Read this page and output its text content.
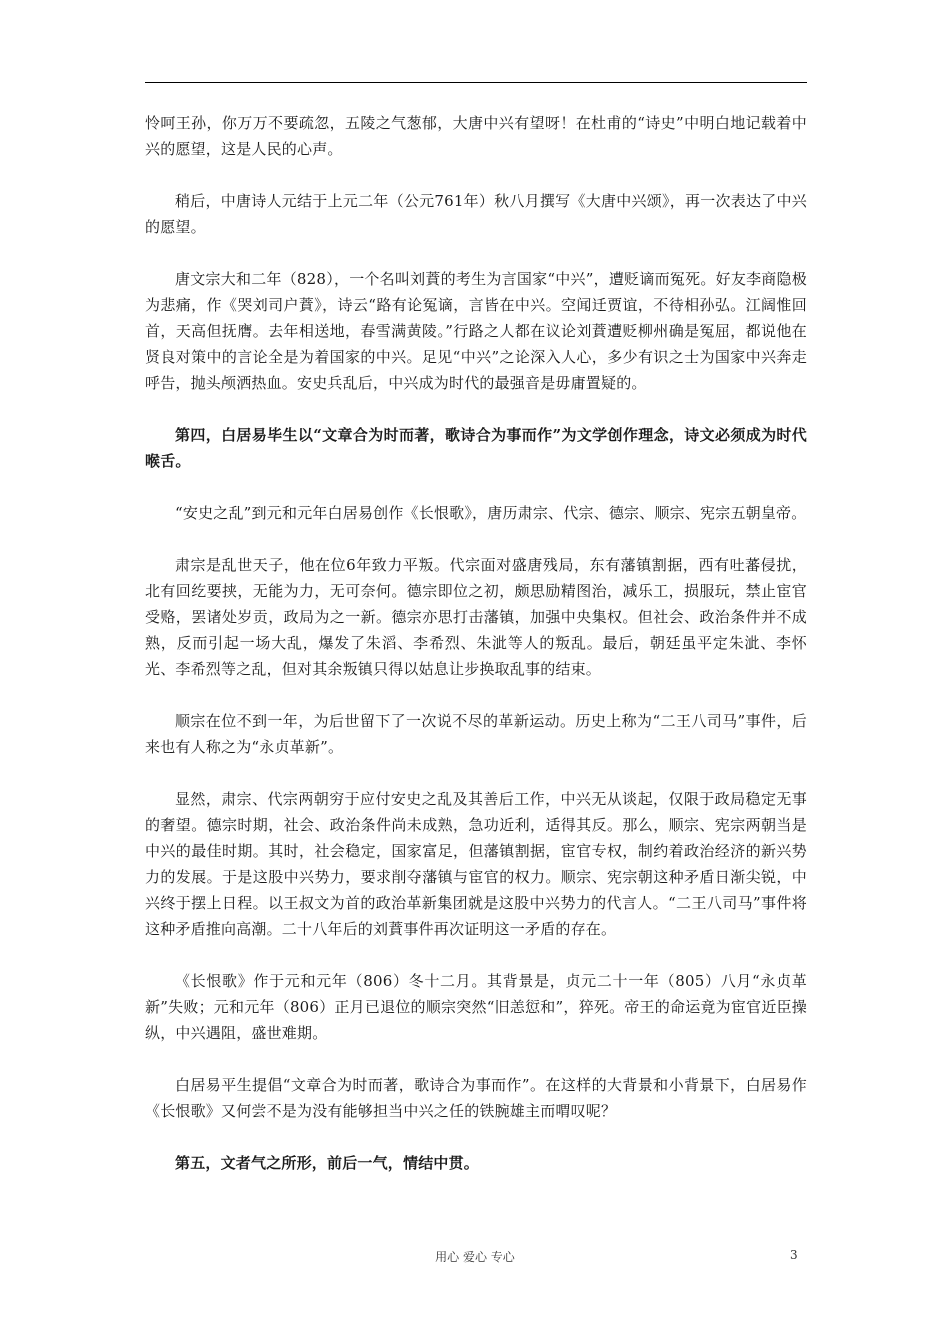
怜呵王孙，你万万不要疏忽，五陵之气葱郁，大唐中兴有望呀！在杜甫的“诗史”中明白地记载着中兴的愿望，这是人民的心声。

稍后，中唐诗人元结于上元二年（公元761年）秋八月撰写《大唐中兴颂》，再一次表达了中兴的愿望。

唐文宗大和二年（828），一个名叫刘蕡的考生为言国家“中兴”，遭贬谪而冤死。好友李商隐极为悲痛，作《哭刘司户蕡》，诗云“路有论冤谪，言皆在中兴。空闻迁贾谊，不待相孙弘。江阔惟回首，天高但抚膺。去年相送地，春雪满黄陵。”行路之人都在议论刘蕡遭贬柳州确是冤屈，都说他在贤良对策中的言论全是为着国家的中兴。足见“中兴”之论深入人心，多少有识之士为国家中兴奔走呼告，抛头颅洒热血。安史兵乱后，中兴成为时代的最强音是毋庸置疑的。

第四，白居易毕生以“文章合为时而著，歌诗合为事而作”为文学创作理念，诗文必须成为时代喉舌。

“安史之乱”到元和元年白居易创作《长恨歌》，唐历肃宗、代宗、德宗、顺宗、宪宗五朝皇帝。

肃宗是乱世天子，他在位6年致力平叛。代宗面对盛唐残局，东有藩镇割据，西有吐蕃侵扰，北有回纥要挟，无能为力，无可奈何。德宗即位之初，颇思励精图治，减乐工，损服玩，禁止宦官受赂，罢诸处岁贡，政局为之一新。德宗亦思打击藩镇，加强中央集权。但社会、政治条件并不成熟，反而引起一场大乱，爆发了朱滔、李希烈、朱泚等人的叛乱。最后，朝廷虽平定朱泚、李怀光、李希烈等之乱，但对其余叛镇只得以姑息让步换取乱事的结束。

顺宗在位不到一年，为后世留下了一次说不尽的革新运动。历史上称为“二王八司马”事件，后来也有人称之为“永贞革新”。

显然，肃宗、代宗两朝穷于应付安史之乱及其善后工作，中兴无从谈起，仅限于政局稳定无事的奢望。德宗时期，社会、政治条件尚未成熟，急功近利，适得其反。那么，顺宗、宪宗两朝当是中兴的最佳时期。其时，社会稳定，国家富足，但藩镇割据，宦官专权，制约着政治经济的新兴势力的发展。于是这股中兴势力，要求削夺藩镇与宦官的权力。顺宗、宪宗朝这种矛盾日渐尖锐，中兴终于摆上日程。以王叔文为首的政治革新集团就是这股中兴势力的代言人。“二王八司马”事件将这种矛盾推向高潮。二十八年后的刘蕡事件再次证明这一矛盾的存在。

《长恨歌》作于元和元年（806）冬十二月。其背景是，贞元二十一年（805）八月“永贞革新”失败；元和元年（806）正月已退位的顺宗突然“旧恙愆和”，猝死。帝王的命运竟为宦官近臣操纵，中兴遇阻，盛世难期。

白居易平生提倡“文章合为时而著，歌诗合为事而作”。在这样的大背景和小背景下，白居易作《长恨歌》又何尝不是为没有能够担当中兴之任的铁腕雄主而喟叹呢？

第五，文者气之所形，前后一气，情结中贯。

用心 爱心 专心	3
